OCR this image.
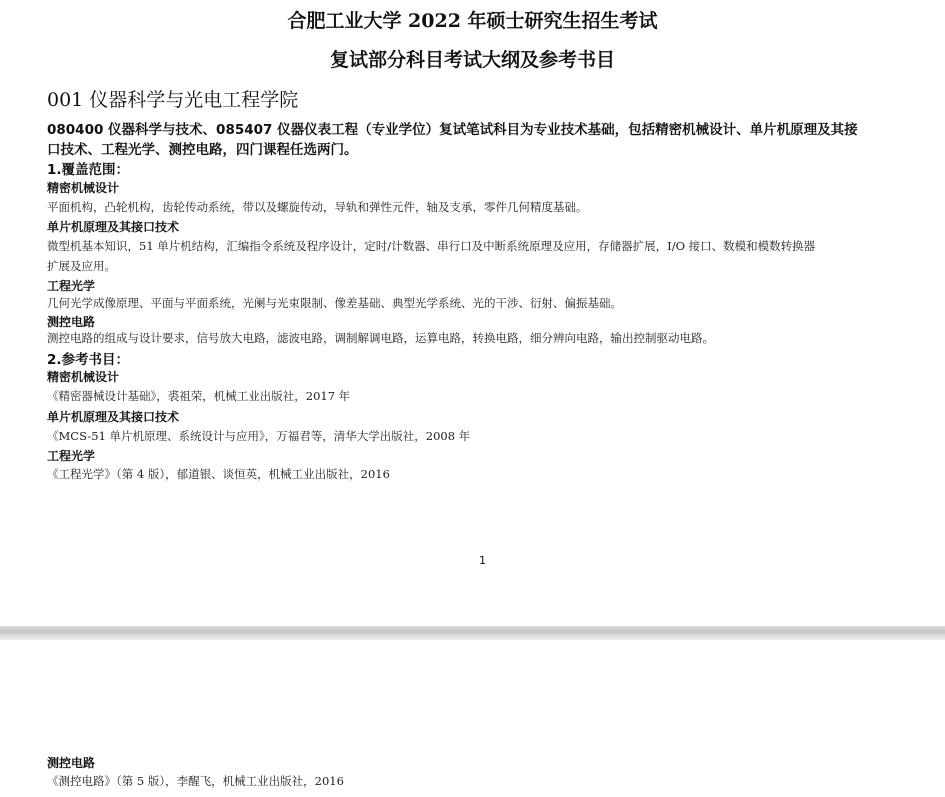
合肥工业大学 2022 年硕士研究生招生考试
复试部分科目考试大纲及参考书目
001 仪器科学与光电工程学院

080400 仪器科学与技术、085407 仪器仪表工程（专业学位）复试笔试科目为专业技术基础，包括精密机械设计、单片机原理及其接

口技术、工程光学、测控电路，四门课程任选两门。

1.覆盖范围：

精密机械设计

平面机构，凸轮机构，齿轮传动系统，带以及螺旋传动，导轨和弹性元件，轴及支承，零件几何精度基础。

单片机原理及其接口技术

微型机基本知识，51 单片机结构，汇编指令系统及程序设计，定时/计数器、串行口及中断系统原理及应用，存储器扩展，I/O 接口、数模和模数转换器

扩展及应用。

工程光学

几何光学成像原理、平面与平面系统，光阑与光束限制、像差基础、典型光学系统、光的干涉、衍射、偏振基础。

测控电路

测控电路的组成与设计要求，信号放大电路，滤波电路，调制解调电路，运算电路，转换电路，细分辨向电路，输出控制驱动电路。

2.参考书目：

精密机械设计

《精密器械设计基础》，裘祖荣，机械工业出版社，2017 年

单片机原理及其接口技术

《MCS-51 单片机原理、系统设计与应用》，万福君等，清华大学出版社，2008 年

工程光学

《工程光学》（第 4 版），郁道银、谈恒英，机械工业出版社，2016

1

测控电路

《测控电路》（第 5 版），李醒飞，机械工业出版社，2016
